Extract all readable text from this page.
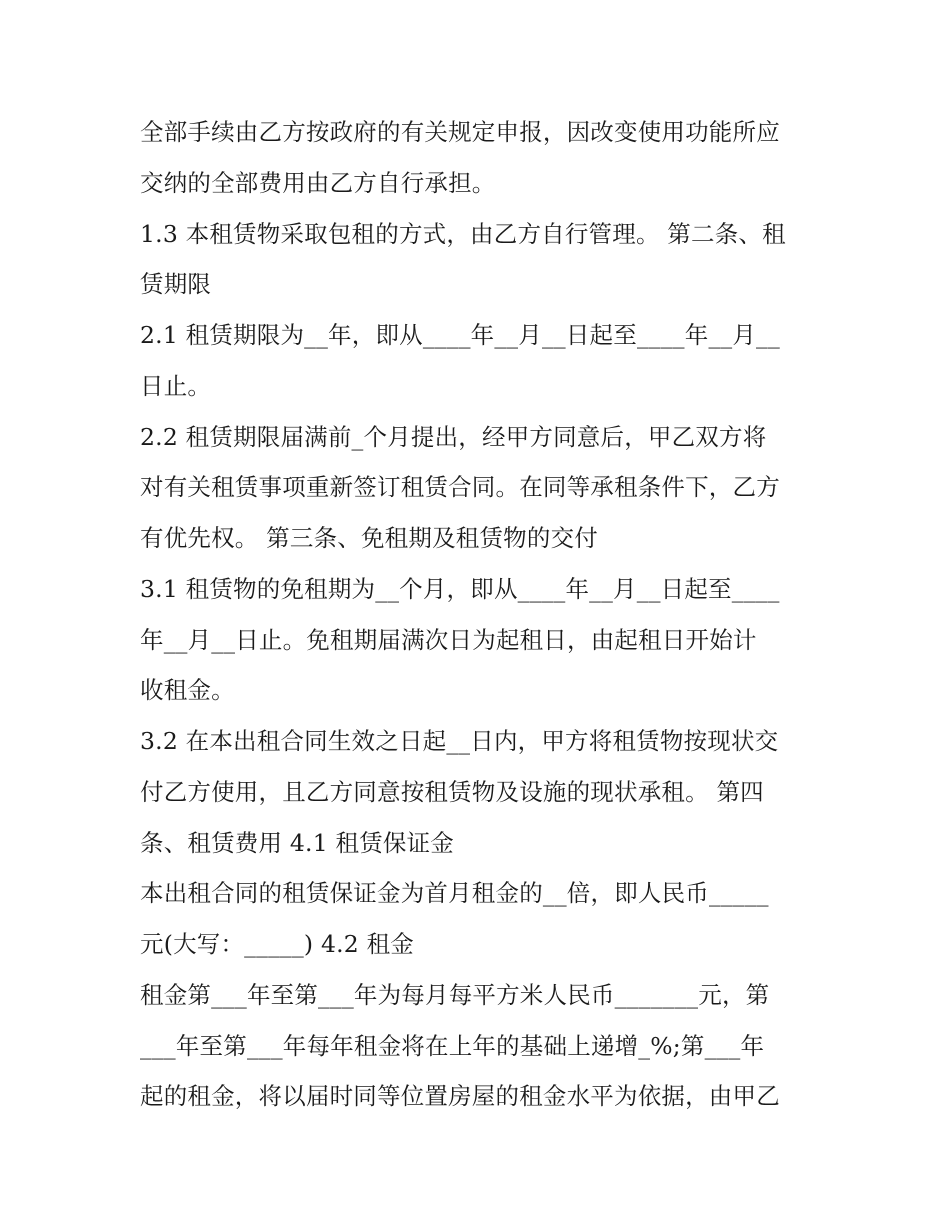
全部手续由乙方按政府的有关规定申报，因改变使用功能所应
交纳的全部费用由乙方自行承担。
1.3 本租赁物采取包租的方式，由乙方自行管理。 第二条、租
赁期限
2.1 租赁期限为__年，即从____年__月__日起至____年__月__
日止。
2.2 租赁期限届满前_个月提出，经甲方同意后，甲乙双方将
对有关租赁事项重新签订租赁合同。在同等承租条件下，乙方
有优先权。 第三条、免租期及租赁物的交付
3.1 租赁物的免租期为__个月，即从____年__月__日起至____
年__月__日止。免租期届满次日为起租日，由起租日开始计
收租金。
3.2 在本出租合同生效之日起__日内，甲方将租赁物按现状交
付乙方使用，且乙方同意按租赁物及设施的现状承租。 第四
条、租赁费用 4.1 租赁保证金
本出租合同的租赁保证金为首月租金的__倍，即人民币_____
元(大写：_____) 4.2 租金
租金第___年至第___年为每月每平方米人民币_______元，第
___年至第___年每年租金将在上年的基础上递增_%;第___年
起的租金，将以届时同等位置房屋的租金水平为依据，由甲乙
